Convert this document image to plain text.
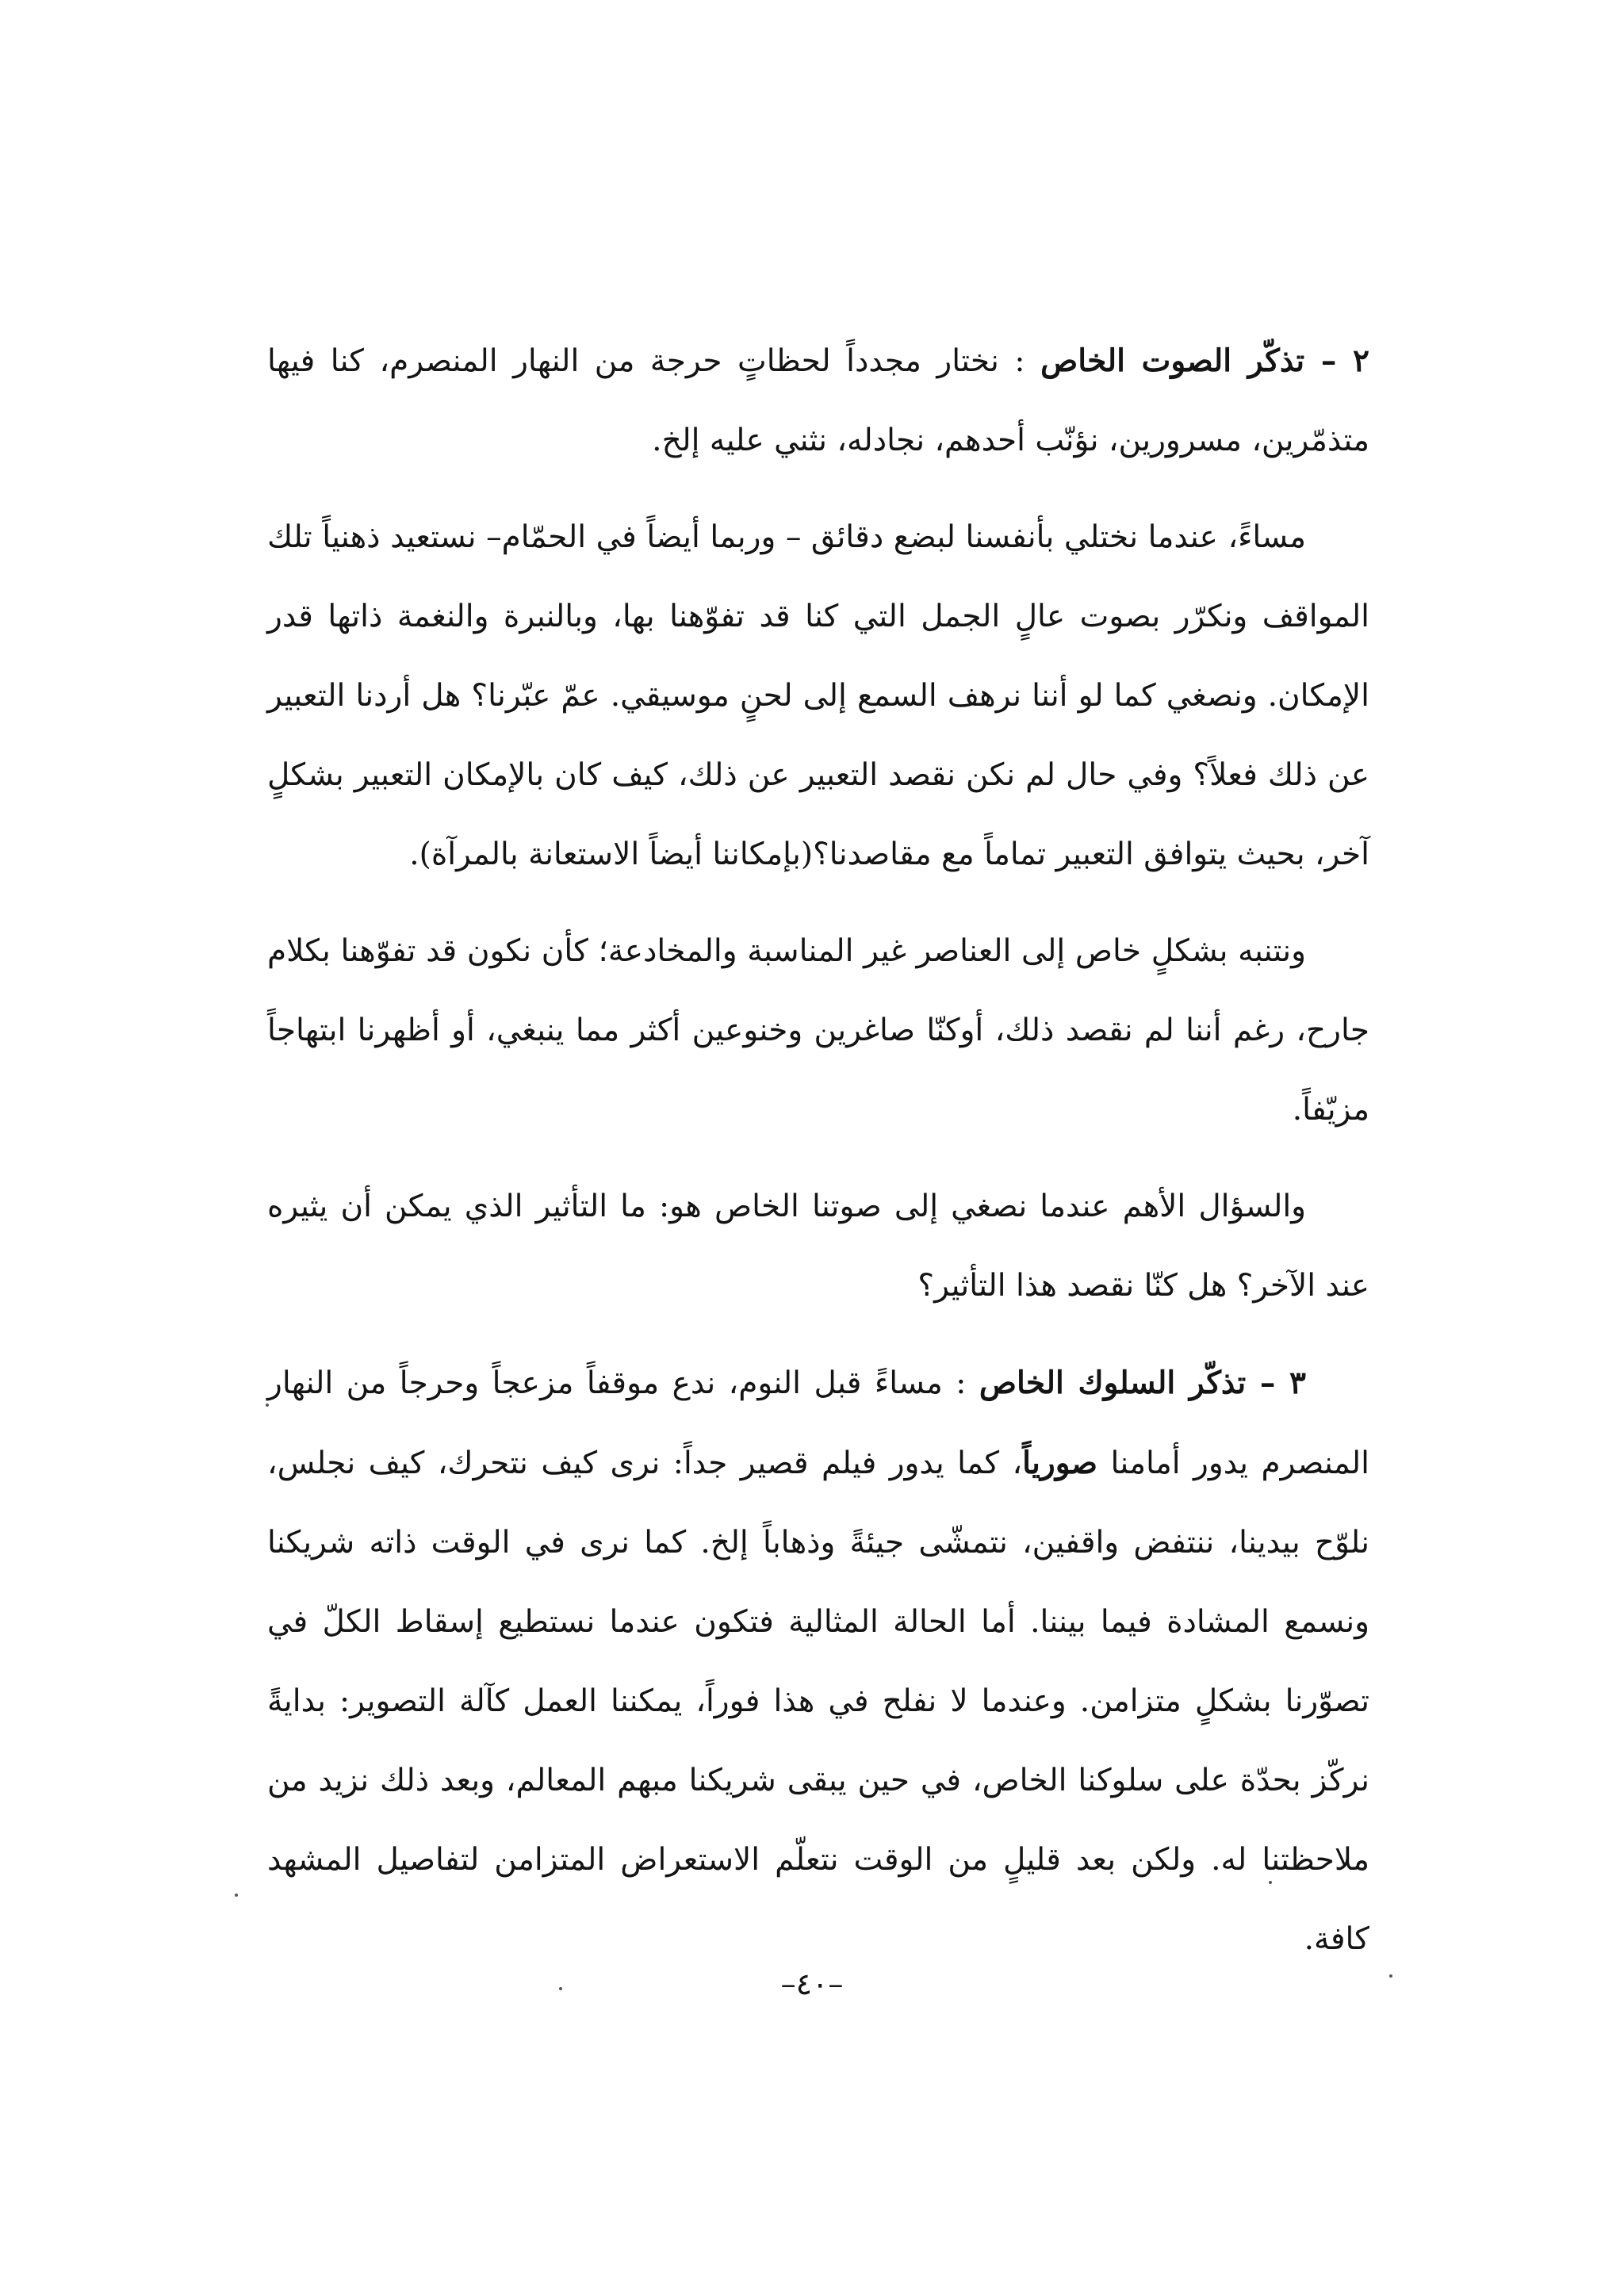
٢ – تذكّر الصوت الخاص : نختار مجدداً لحظاتٍ حرجة من النهار المنصرم، كنا فيها متذمّرين، مسرورين، نؤنّب أحدهم، نجادله، نثني عليه إلخ.

مساءً، عندما نختلي بأنفسنا لبضع دقائق – وربما أيضاً في الحمّام– نستعيد ذهنياً تلك المواقف ونكرّر بصوت عالٍ الجمل التي كنا قد تفوّهنا بها، وبالنبرة والنغمة ذاتها قدر الإمكان. ونصغي كما لو أننا نرهف السمع إلى لحنٍ موسيقي. عمّ عبّرنا؟ هل أردنا التعبير عن ذلك فعلاً؟ وفي حال لم نكن نقصد التعبير عن ذلك، كيف كان بالإمكان التعبير بشكلٍ آخر، بحيث يتوافق التعبير تماماً مع مقاصدنا؟(بإمكاننا أيضاً الاستعانة بالمرآة).

ونتنبه بشكلٍ خاص إلى العناصر غير المناسبة والمخادعة؛ كأن نكون قد تفوّهنا بكلام جارح، رغم أننا لم نقصد ذلك، أوكنّا صاغرين وخنوعين أكثر مما ينبغي، أو أظهرنا ابتهاجاً مزيّفاً.

والسؤال الأهم عندما نصغي إلى صوتنا الخاص هو: ما التأثير الذي يمكن أن يثيره عند الآخر؟ هل كنّا نقصد هذا التأثير؟

٣ – تذكّر السلوك الخاص : مساءً قبل النوم، ندع موقفاً مزعجاً وحرجاً من النهار المنصرم يدور أمامنا صورياً، كما يدور فيلم قصير جداً: نرى كيف نتحرك، كيف نجلس، نلوّح بيدينا، ننتفض واقفين، نتمشّى جيئةً وذهاباً إلخ. كما نرى في الوقت ذاته شريكنا ونسمع المشادة فيما بيننا. أما الحالة المثالية فتكون عندما نستطيع إسقاط الكلّ في تصوّرنا بشكلٍ متزامن. وعندما لا نفلح في هذا فوراً، يمكننا العمل كآلة التصوير: بدايةً نركّز بحدّة على سلوكنا الخاص، في حين يبقى شريكنا مبهم المعالم، وبعد ذلك نزيد من ملاحظتنا له. ولكن بعد قليلٍ من الوقت نتعلّم الاستعراض المتزامن لتفاصيل المشهد كافة.

–٤٠–
